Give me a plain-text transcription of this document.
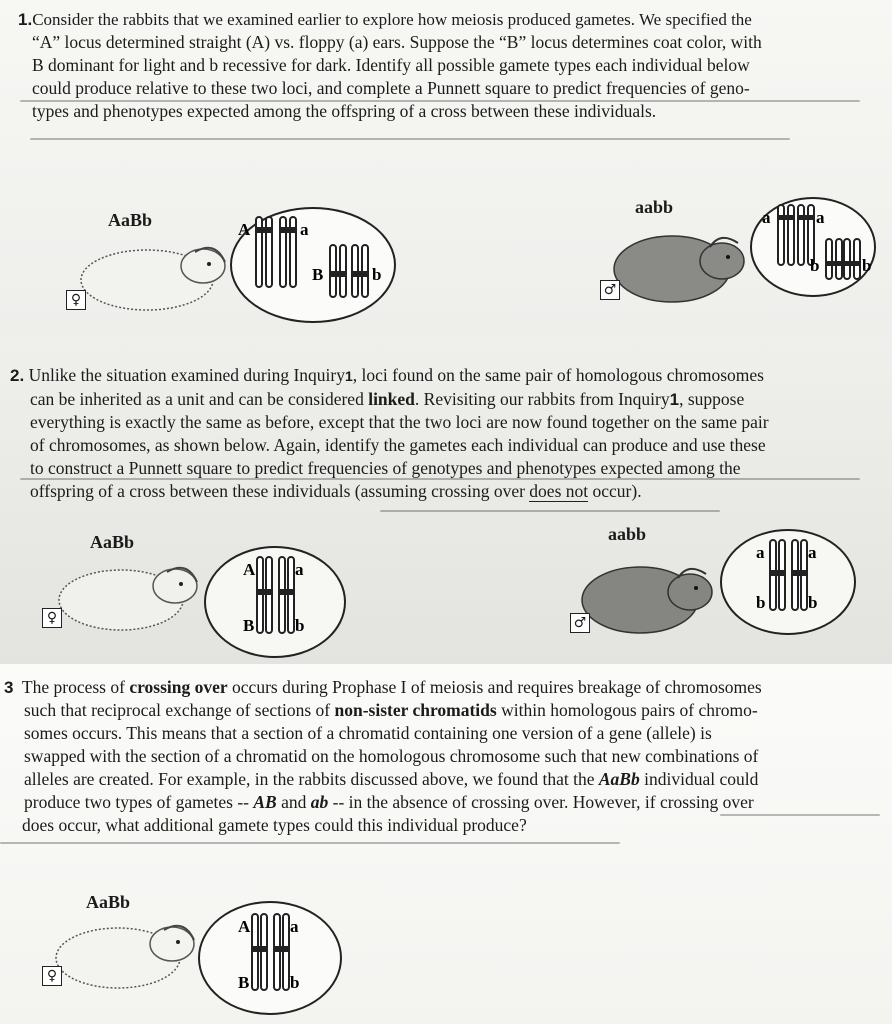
1.Consider the rabbits that we examined earlier to explore how meiosis produced gametes. We specified the

“A” locus determined straight (A) vs. floppy (a) ears. Suppose the “B” locus determines coat color, with

B dominant for light and b recessive for dark. Identify all possible gamete types each individual below

could produce relative to these two loci, and complete a Punnett square to predict frequencies of geno-

types and phenotypes expected among the offspring of a cross between these individuals.

AaBb
♀
A	a
B	b
aabb
♂
a	a
b	b

2. Unlike the situation examined during Inquiry1, loci found on the same pair of homologous chromosomes

can be inherited as a unit and can be considered linked. Revisiting our rabbits from Inquiry1, suppose

everything is exactly the same as before, except that the two loci are now found together on the same pair

of chromosomes, as shown below. Again, identify the gametes each individual can produce and use these

to construct a Punnett square to predict frequencies of genotypes and phenotypes expected among the

offspring of a cross between these individuals (assuming crossing over does not occur).

AaBb
♀
A a
B b
aabb
♂
a	a
b	b

3 The process of crossing over occurs during Prophase I of meiosis and requires breakage of chromosomes

such that reciprocal exchange of sections of non-sister chromatids within homologous pairs of chromo-

somes occurs. This means that a section of a chromatid containing one version of a gene (allele) is

swapped with the section of a chromatid on the homologous chromosome such that new combinations of

alleles are created. For example, in the rabbits discussed above, we found that the AaBb individual could

produce two types of gametes -- AB and ab -- in the absence of crossing over. However, if crossing over

does occur, what additional gamete types could this individual produce?

AaBb
♀
A a
B b
